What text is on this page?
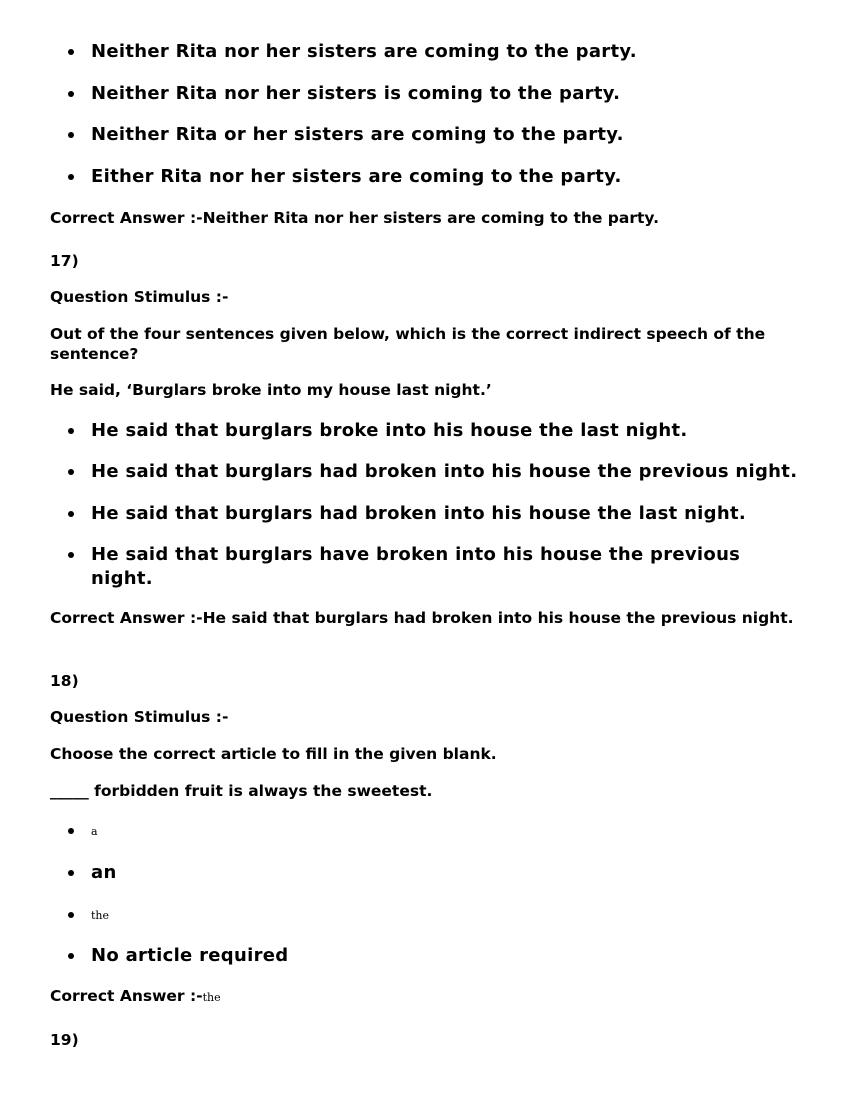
Neither Rita nor her sisters are coming to the party.
Neither Rita nor her sisters is coming to the party.
Neither Rita or her sisters are coming to the party.
Either Rita nor her sisters are coming to the party.

Correct Answer :-Neither Rita nor her sisters are coming to the party.

17)

Question Stimulus :-

Out of the four sentences given below, which is the correct indirect speech of the sentence?

He said, ‘Burglars broke into my house last night.’

He said that burglars broke into his house the last night.
He said that burglars had broken into his house the previous night.
He said that burglars had broken into his house the last night.
He said that burglars have broken into his house the previous night.

Correct Answer :-He said that burglars had broken into his house the previous night.

18)

Question Stimulus :-

Choose the correct article to fill in the given blank.

_____ forbidden fruit is always the sweetest.

a
an
the
No article required

Correct Answer :-the

19)
